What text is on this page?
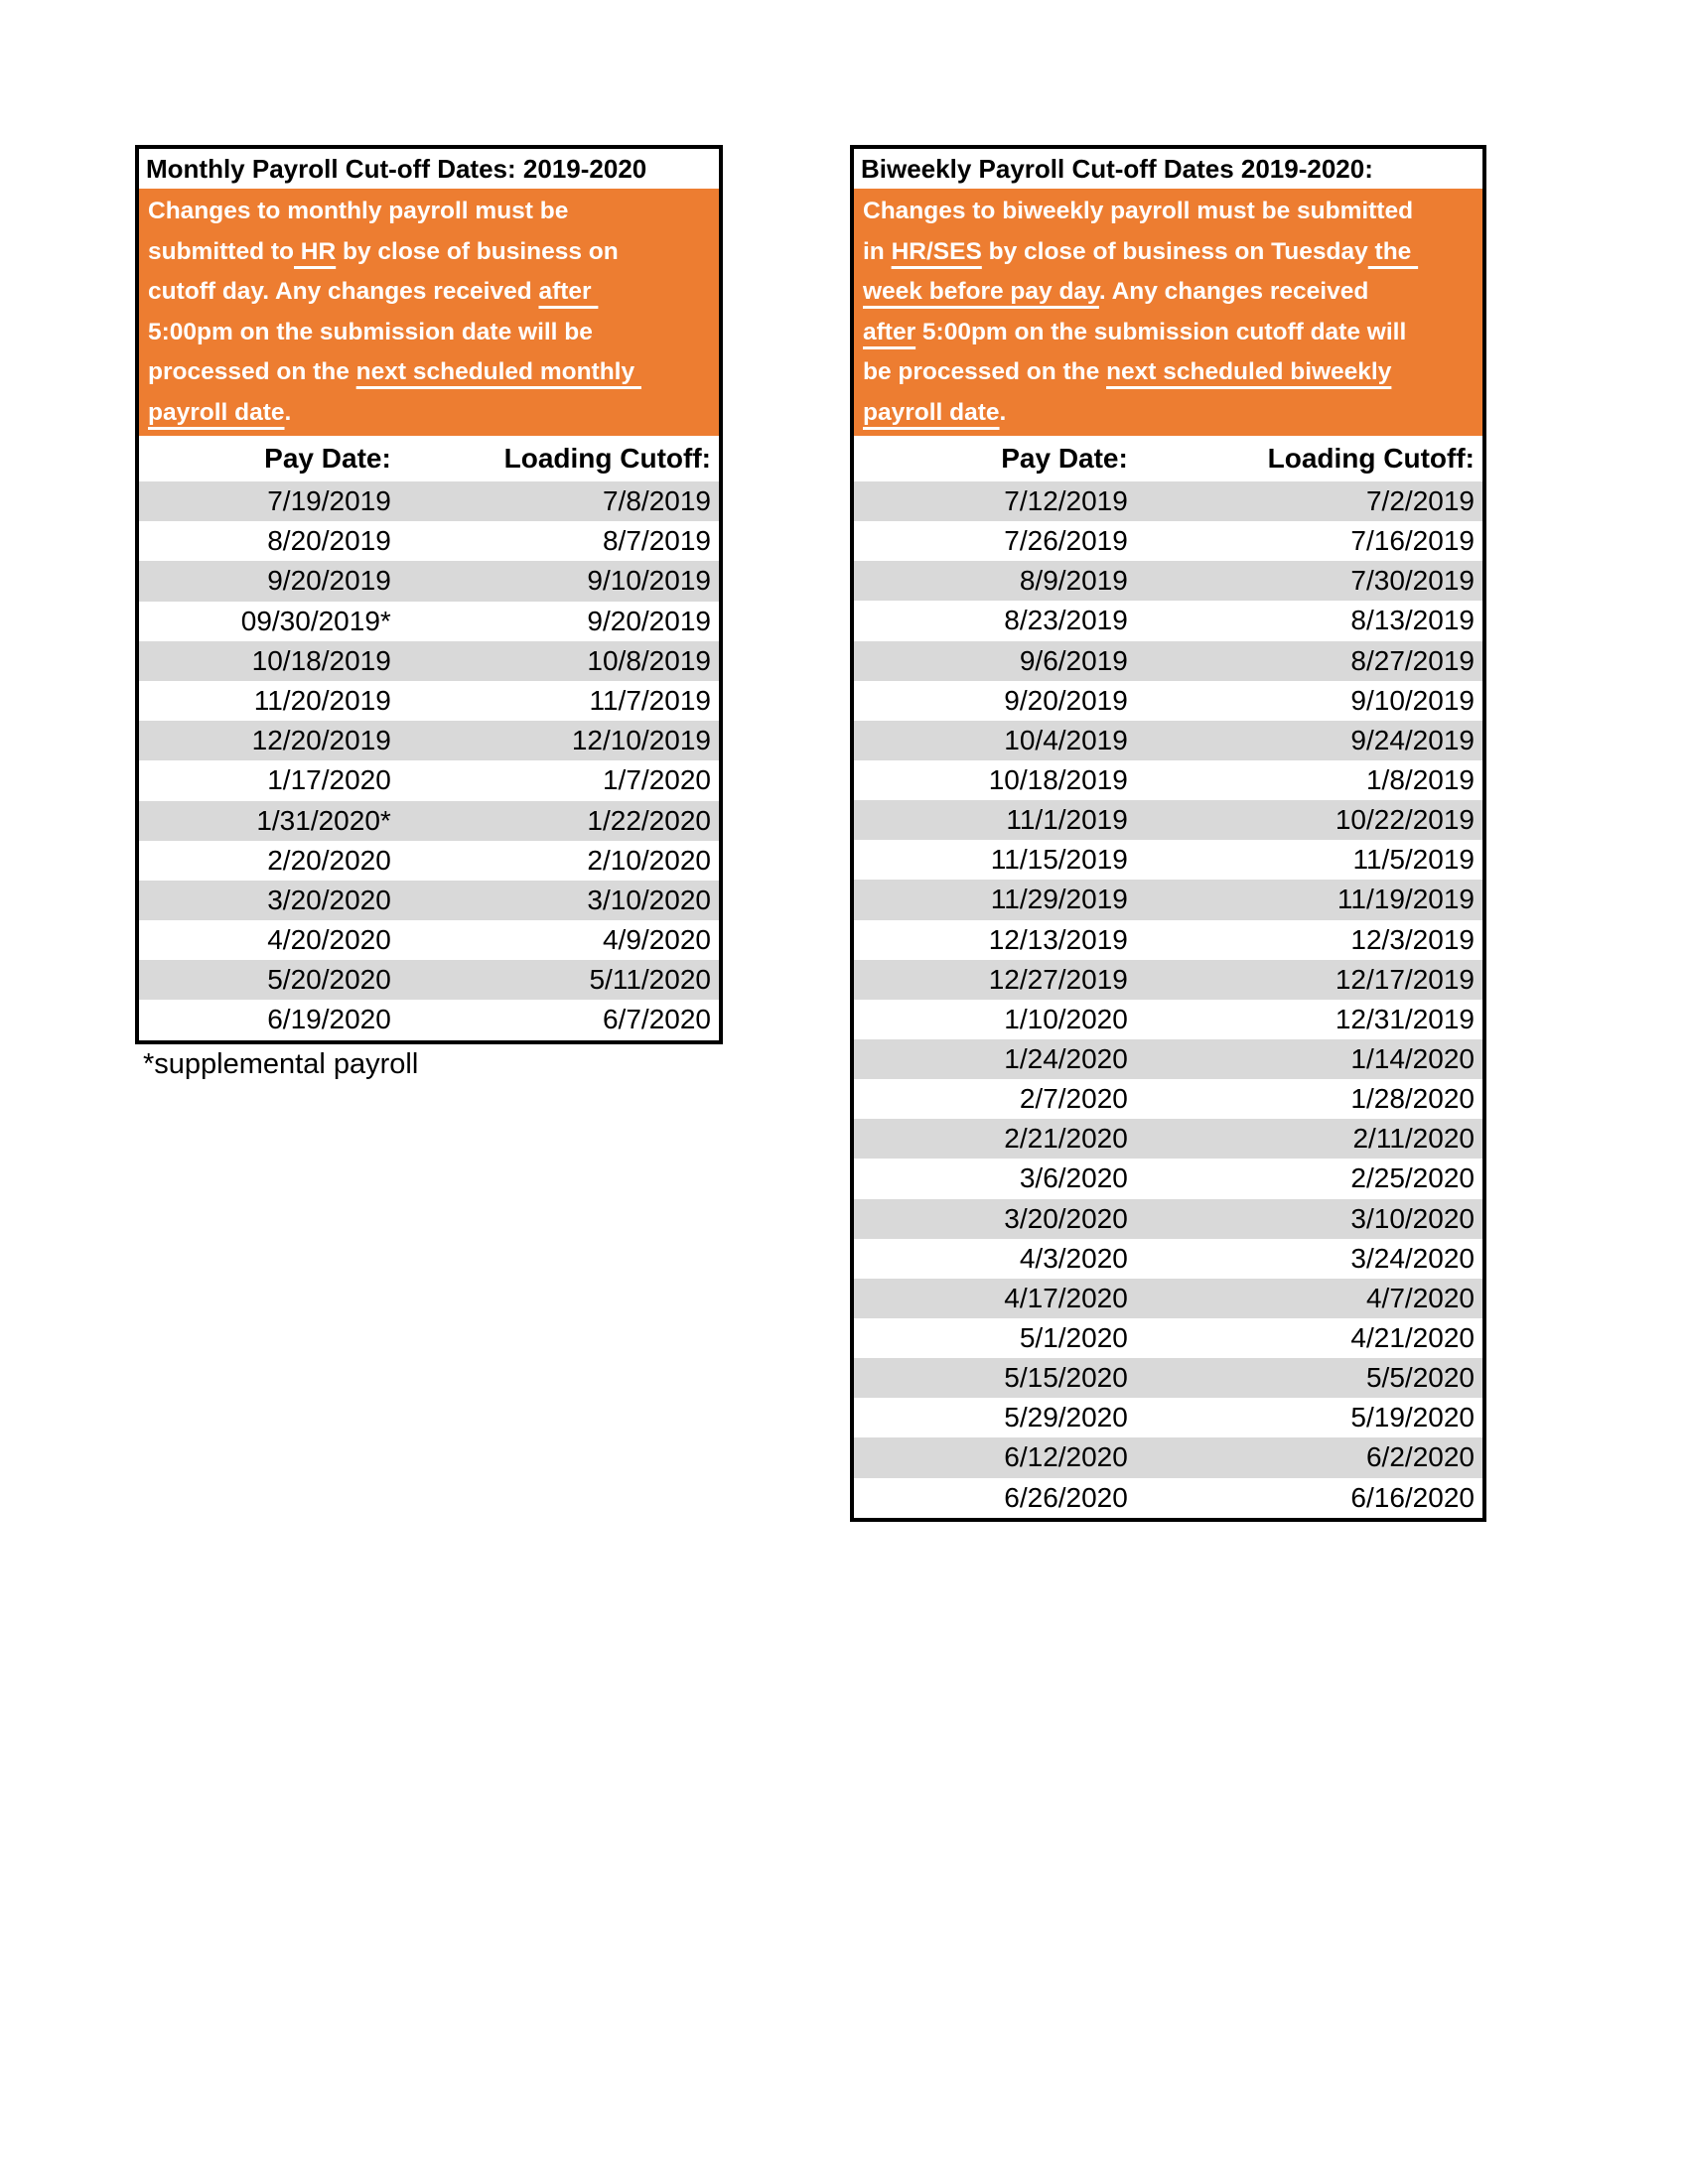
Monthly Payroll Cut-off Dates: 2019-2020
Changes to monthly payroll must be
submitted to HR by close of business on
cutoff day. Any changes received after
5:00pm on the submission date will be
processed on the next scheduled monthly
payroll date.
Pay Date:	Loading Cutoff:
7/19/2019	7/8/2019
8/20/2019	8/7/2019
9/20/2019	9/10/2019
09/30/2019*	9/20/2019
10/18/2019	10/8/2019
11/20/2019	11/7/2019
12/20/2019	12/10/2019
1/17/2020	1/7/2020
1/31/2020*	1/22/2020
2/20/2020	2/10/2020
3/20/2020	3/10/2020
4/20/2020	4/9/2020
5/20/2020	5/11/2020
6/19/2020	6/7/2020
*supplemental payroll
Biweekly Payroll Cut-off Dates 2019-2020:
Changes to biweekly payroll must be submitted
in HR/SES by close of business on Tuesday the
week before pay day. Any changes received
after 5:00pm on the submission cutoff date will
be processed on the next scheduled biweekly
payroll date.
Pay Date:	Loading Cutoff:
7/12/2019	7/2/2019
7/26/2019	7/16/2019
8/9/2019	7/30/2019
8/23/2019	8/13/2019
9/6/2019	8/27/2019
9/20/2019	9/10/2019
10/4/2019	9/24/2019
10/18/2019	1/8/2019
11/1/2019	10/22/2019
11/15/2019	11/5/2019
11/29/2019	11/19/2019
12/13/2019	12/3/2019
12/27/2019	12/17/2019
1/10/2020	12/31/2019
1/24/2020	1/14/2020
2/7/2020	1/28/2020
2/21/2020	2/11/2020
3/6/2020	2/25/2020
3/20/2020	3/10/2020
4/3/2020	3/24/2020
4/17/2020	4/7/2020
5/1/2020	4/21/2020
5/15/2020	5/5/2020
5/29/2020	5/19/2020
6/12/2020	6/2/2020
6/26/2020	6/16/2020
